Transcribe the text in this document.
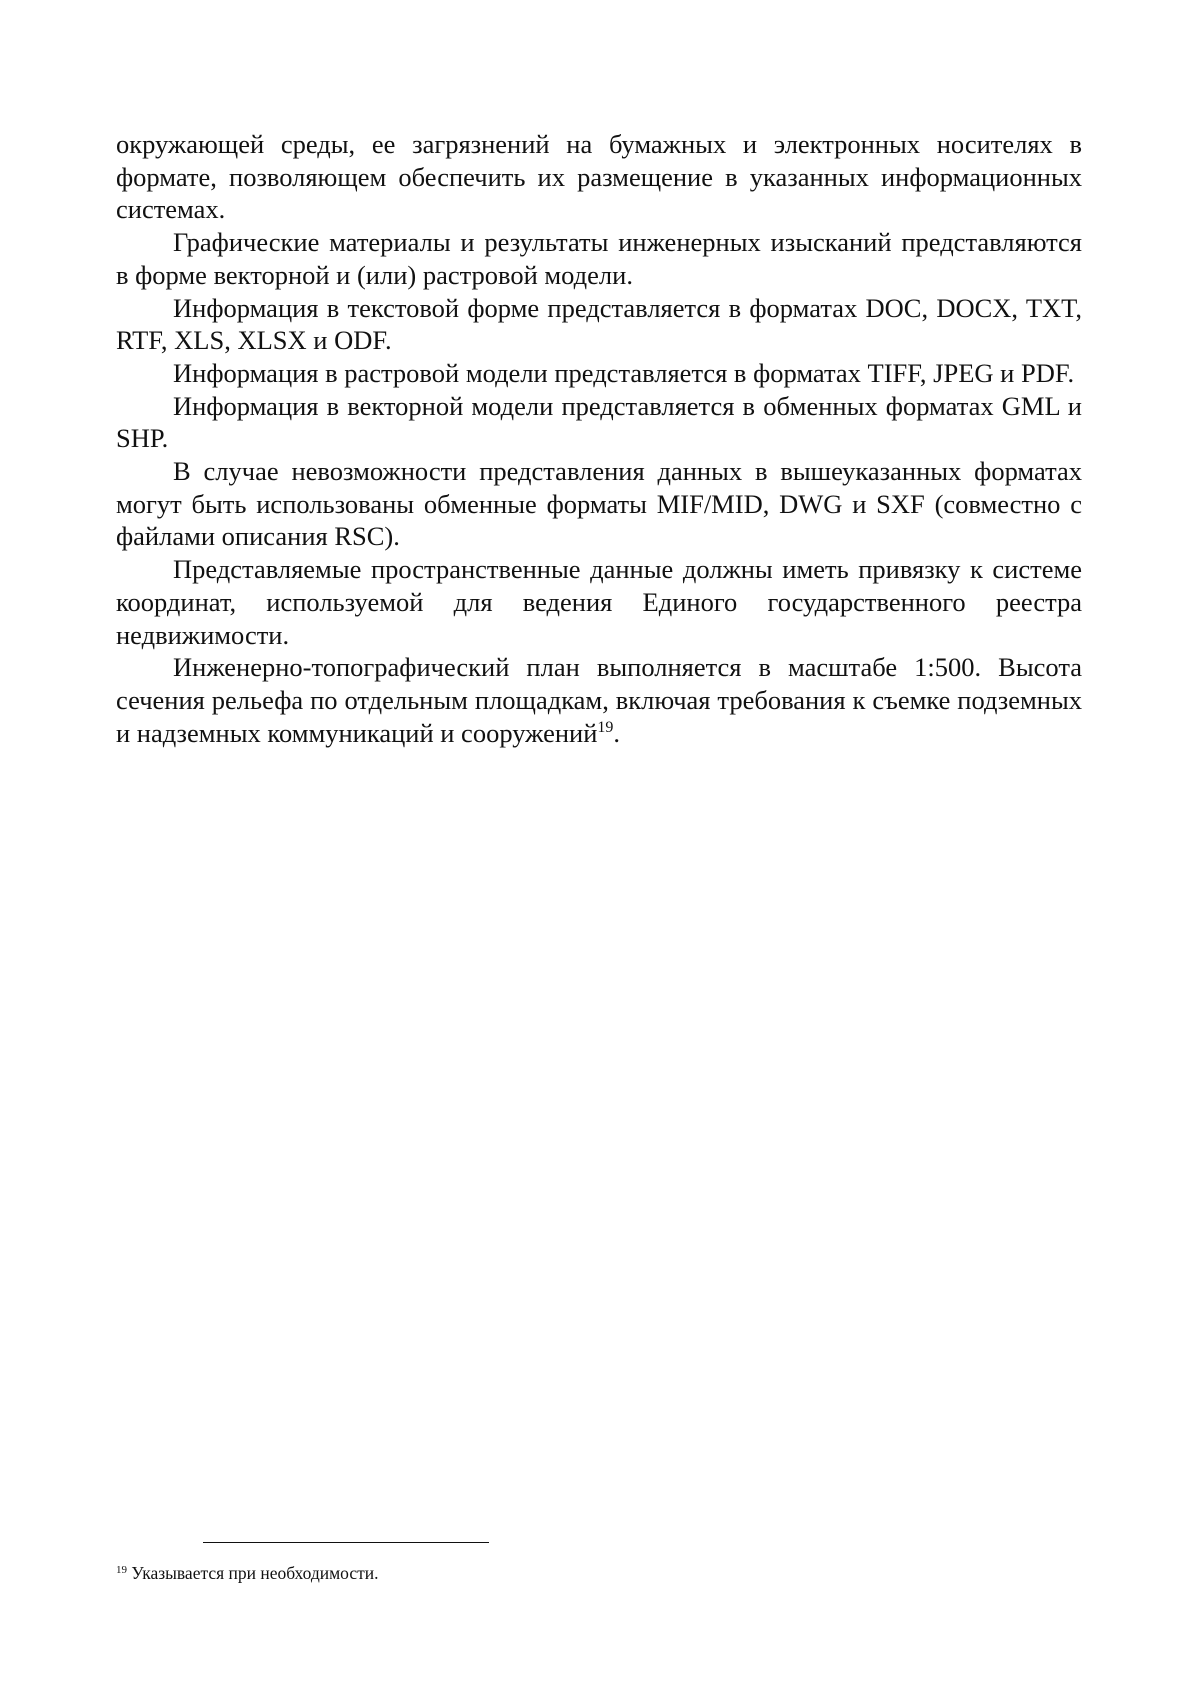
окружающей среды, ее загрязнений на бумажных и электронных носителях в формате, позволяющем обеспечить их размещение в указанных информационных системах.

Графические материалы и результаты инженерных изысканий представляются в форме векторной и (или) растровой модели.

Информация в текстовой форме представляется в форматах DOC, DOCX, TXT, RTF, XLS, XLSX и ODF.

Информация в растровой модели представляется в форматах TIFF, JPEG и PDF.

Информация в векторной модели представляется в обменных форматах GML и SHP.

В случае невозможности представления данных в вышеуказанных форматах могут быть использованы обменные форматы MIF/MID, DWG и SXF (совместно с файлами описания RSC).

Представляемые пространственные данные должны иметь привязку к системе координат, используемой для ведения Единого государственного реестра недвижимости.

Инженерно-топографический план выполняется в масштабе 1:500. Высота сечения рельефа по отдельным площадкам, включая требования к съемке подземных и надземных коммуникаций и сооружений$^{19}$.

$^{19}$ Указывается при необходимости.
